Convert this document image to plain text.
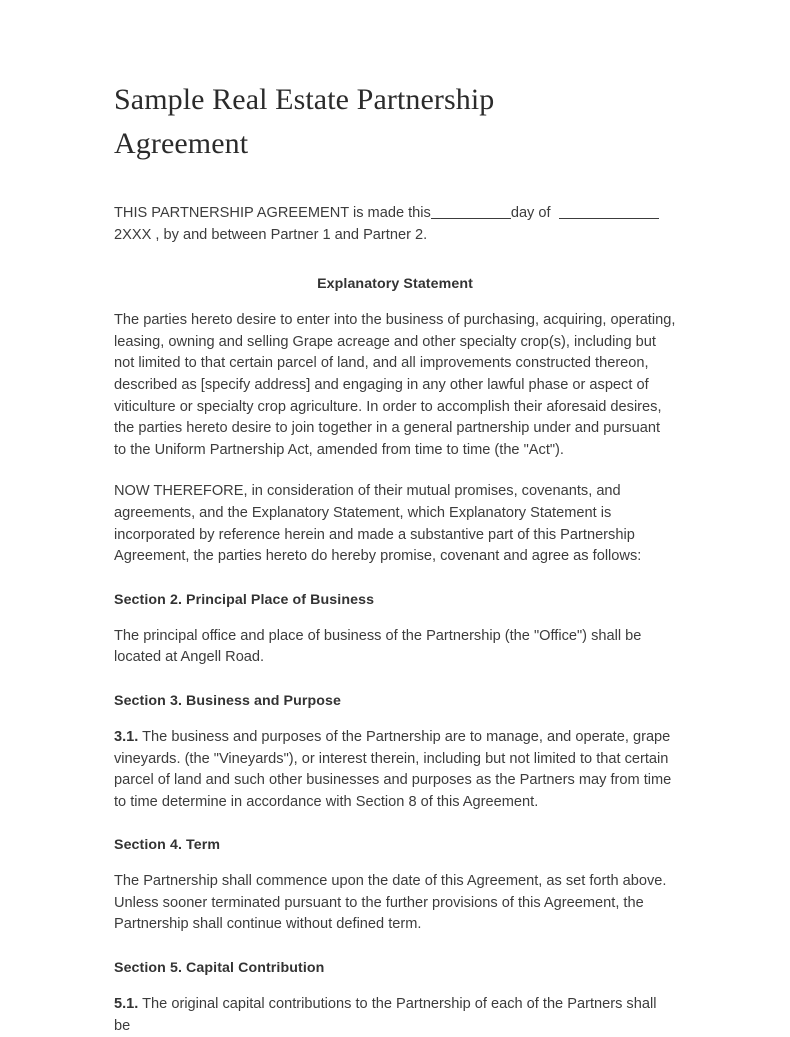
Sample Real Estate Partnership Agreement

THIS PARTNERSHIP AGREEMENT is made this	day of
2XXX , by and between Partner 1 and Partner 2.

Explanatory Statement

The parties hereto desire to enter into the business of purchasing, acquiring, operating, leasing, owning and selling Grape acreage and other specialty crop(s), including but not limited to that certain parcel of land, and all improvements constructed thereon, described as [specify address] and engaging in any other lawful phase or aspect of viticulture or specialty crop agriculture. In order to accomplish their aforesaid desires, the parties hereto desire to join together in a general partnership under and pursuant to the Uniform Partnership Act, amended from time to time (the "Act").

NOW THEREFORE, in consideration of their mutual promises, covenants, and agreements, and the Explanatory Statement, which Explanatory Statement is incorporated by reference herein and made a substantive part of this Partnership Agreement, the parties hereto do hereby promise, covenant and agree as follows:

Section 2. Principal Place of Business

The principal office and place of business of the Partnership (the "Office") shall be located at Angell Road.

Section 3. Business and Purpose

3.1. The business and purposes of the Partnership are to manage, and operate, grape vineyards. (the "Vineyards"), or interest therein, including but not limited to that certain parcel of land and such other businesses and purposes as the Partners may from time to time determine in accordance with Section 8 of this Agreement.

Section 4. Term

The Partnership shall commence upon the date of this Agreement, as set forth above. Unless sooner terminated pursuant to the further provisions of this Agreement, the Partnership shall continue without defined term.

Section 5. Capital Contribution

5.1. The original capital contributions to the Partnership of each of the Partners shall be
